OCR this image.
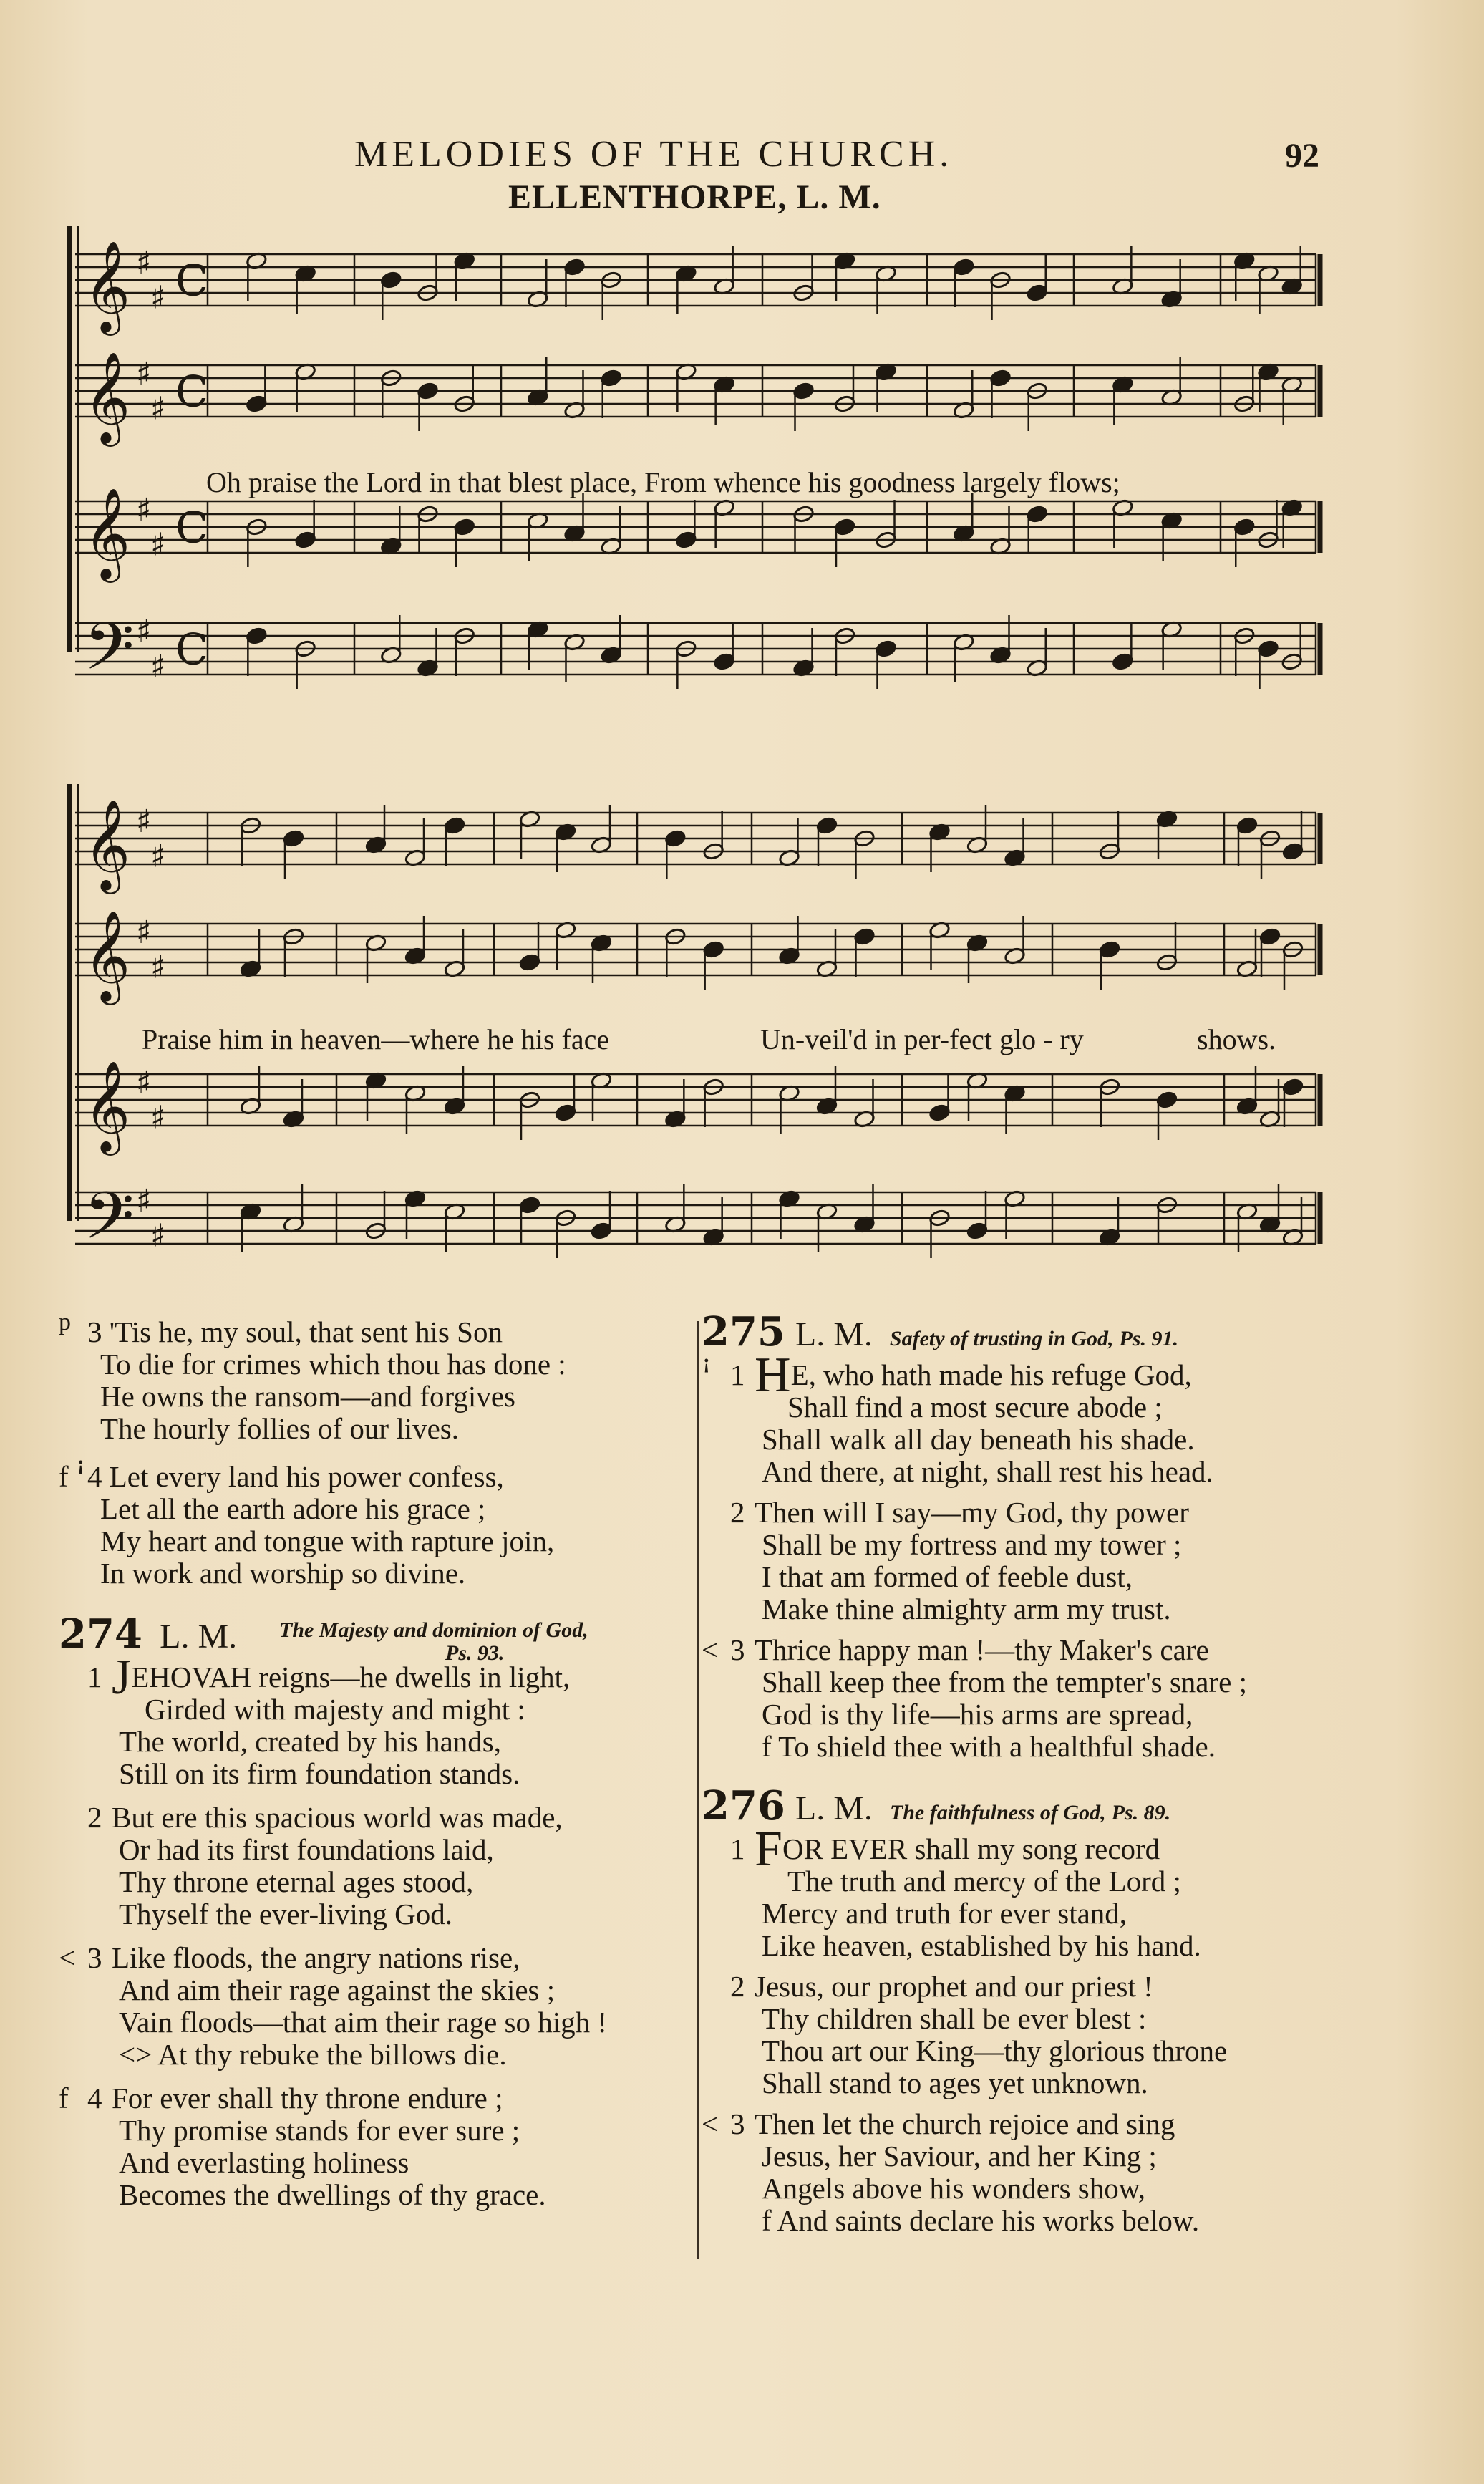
MELODIES OF THE CHURCH.	92
ELLENTHORPE, L. M.
𝄞 ♯
♯ C
𝄞 ♯
♯ C
𝄞 ♯
♯ C
𝄢 ♯
♯ C
𝄞 ♯
♯
𝄞 ♯
♯
𝄞 ♯
♯
𝄢 ♯
♯
Oh praise the Lord in that blest place, From whence his goodness largely flows;
Praise him in heaven—where he his face	Un-veil'd in per-fect glo - ry	shows.
p 3 'Tis he, my soul, that sent his Son
To die for crimes which thou has done :
He owns the ransom—and forgives
The hourly follies of our lives.
f ꜞ 4 Let every land his power confess,
Let all the earth adore his grace ;
My heart and tongue with rapture join,
In work and worship so divine.
274 L. M. The Majesty and dominion of God,
Ps. 93.
1 JEHOVAH reigns—he dwells in light,
Girded with majesty and might :
The world, created by his hands,
Still on its firm foundation stands.
2 But ere this spacious world was made,
Or had its first foundations laid,
Thy throne eternal ages stood,
Thyself the ever-living God.
< 3 Like floods, the angry nations rise,
And aim their rage against the skies ;
Vain floods—that aim their rage so high !
<> At thy rebuke the billows die.
f 4 For ever shall thy throne endure ;
Thy promise stands for ever sure ;
And everlasting holiness
Becomes the dwellings of thy grace.
275 L. M. Safety of trusting in God, Ps. 91.
ꜞ 1 HE, who hath made his refuge God,
Shall find a most secure abode ;
Shall walk all day beneath his shade.
And there, at night, shall rest his head.
2 Then will I say—my God, thy power
Shall be my fortress and my tower ;
I that am formed of feeble dust,
Make thine almighty arm my trust.
< 3 Thrice happy man !—thy Maker's care
Shall keep thee from the tempter's snare ;
God is thy life—his arms are spread,
f To shield thee with a healthful shade.
276 L. M. The faithfulness of God, Ps. 89.
1 FOR EVER shall my song record
The truth and mercy of the Lord ;
Mercy and truth for ever stand,
Like heaven, established by his hand.
2 Jesus, our prophet and our priest !
Thy children shall be ever blest :
Thou art our King—thy glorious throne
Shall stand to ages yet unknown.
< 3 Then let the church rejoice and sing
Jesus, her Saviour, and her King ;
Angels above his wonders show,
f And saints declare his works below.
